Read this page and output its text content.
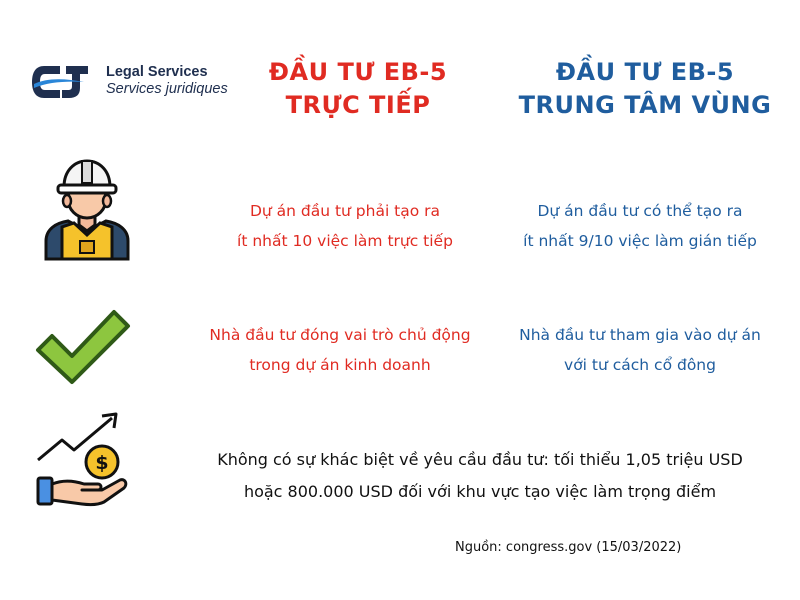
Legal Services
Services juridiques
ĐẦU TƯ EB-5
TRỰC TIẾP
ĐẦU TƯ EB-5
TRUNG TÂM VÙNG
Dự án đầu tư phải tạo ra
ít nhất 10 việc làm trực tiếp
Dự án đầu tư có thể tạo ra
ít nhất 9/10 việc làm gián tiếp
Nhà đầu tư đóng vai trò chủ động
trong dự án kinh doanh
Nhà đầu tư tham gia vào dự án
với tư cách cổ đông
$	Không có sự khác biệt về yêu cầu đầu tư: tối thiểu 1,05 triệu USD
hoặc 800.000 USD đối với khu vực tạo việc làm trọng điểm
Nguồn: congress.gov (15/03/2022)
